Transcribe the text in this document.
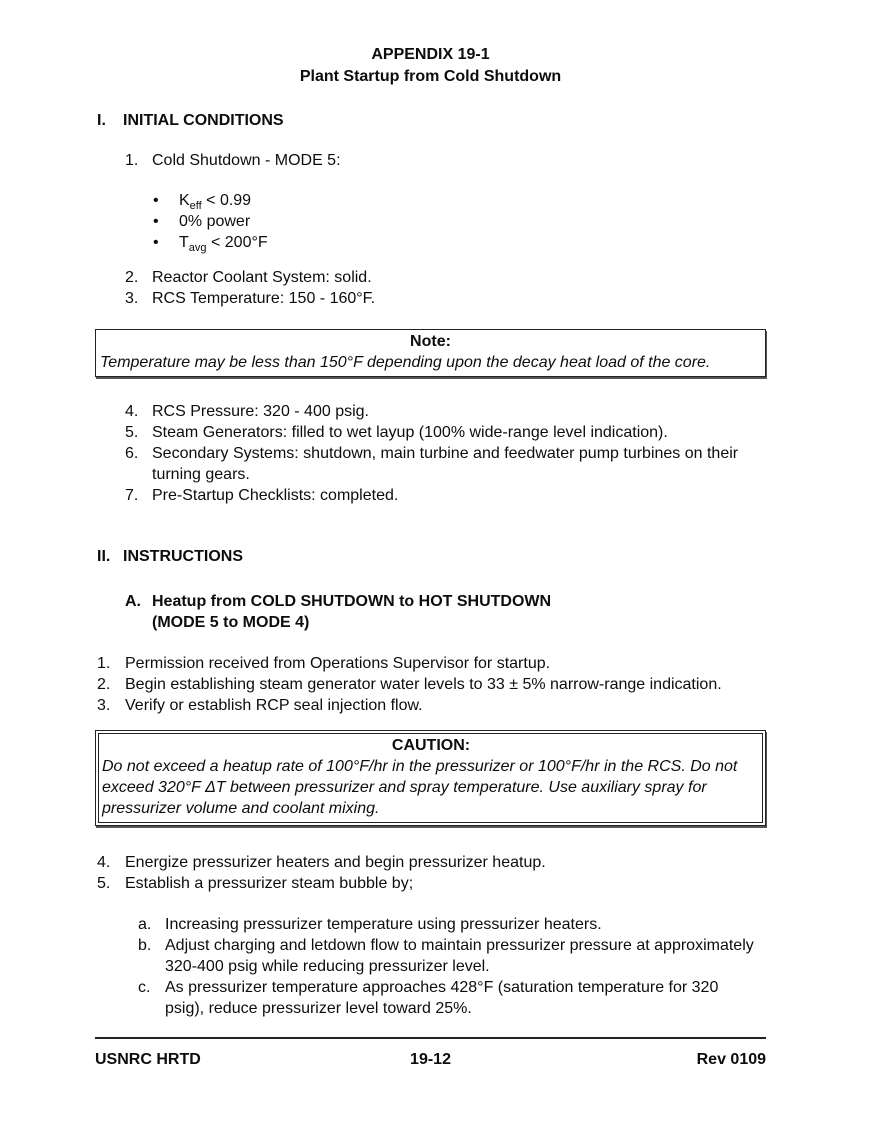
APPENDIX 19-1
Plant Startup from Cold Shutdown
I.	INITIAL CONDITIONS
1. Cold Shutdown - MODE 5:
•	$K_{eff} < 0.99$
•	0% power
•	$T_{avg} < 200^\circ F$
2. Reactor Coolant System: solid.
3. RCS Temperature: 150 - 160°F.
Note:
Temperature may be less than 150°F depending upon the decay heat load of the core.
4. RCS Pressure: 320 - 400 psig.
5. Steam Generators: filled to wet layup (100% wide-range level indication).
6. Secondary Systems: shutdown, main turbine and feedwater pump turbines on their turning gears.
7. Pre-Startup Checklists: completed.
II. INSTRUCTIONS
A. Heatup from COLD SHUTDOWN to HOT SHUTDOWN
(MODE 5 to MODE 4)
1. Permission received from Operations Supervisor for startup.
2. Begin establishing steam generator water levels to 33 ± 5% narrow-range indication.
3. Verify or establish RCP seal injection flow.
CAUTION:
Do not exceed a heatup rate of 100°F/hr in the pressurizer or 100°F/hr in the RCS. Do not exceed 320°F ΔT between pressurizer and spray temperature. Use auxiliary spray for pressurizer volume and coolant mixing.
4. Energize pressurizer heaters and begin pressurizer heatup.
5. Establish a pressurizer steam bubble by;
a. Increasing pressurizer temperature using pressurizer heaters.
b. Adjust charging and letdown flow to maintain pressurizer pressure at approximately 320-400 psig while reducing pressurizer level.
c. As pressurizer temperature approaches 428°F (saturation temperature for 320 psig), reduce pressurizer level toward 25%.
USNRC HRTD	19-12	Rev 0109
